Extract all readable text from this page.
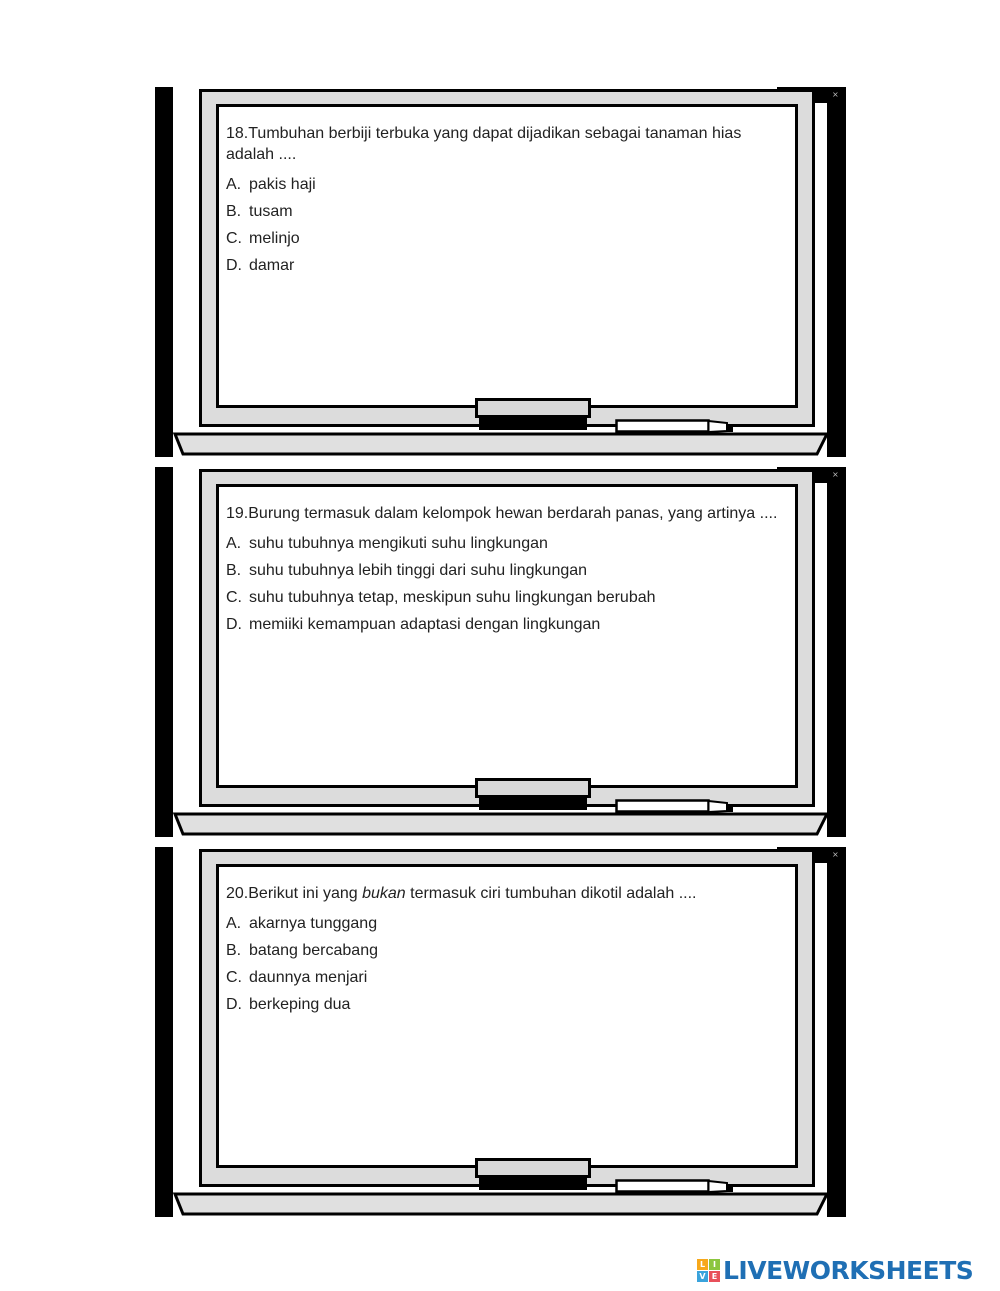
×
18.Tumbuhan berbiji terbuka yang dapat dijadikan sebagai tanaman hias adalah ....
A. pakis haji
B. tusam
C. melinjo
D. damar
×
19.Burung termasuk dalam kelompok hewan berdarah panas, yang artinya ....
A. suhu tubuhnya mengikuti suhu lingkungan
B. suhu tubuhnya lebih tinggi dari suhu lingkungan
C. suhu tubuhnya tetap, meskipun suhu lingkungan berubah
D. memiiki kemampuan adaptasi dengan lingkungan
×
20.Berikut ini yang bukan termasuk ciri tumbuhan dikotil adalah ....
A. akarnya tunggang
B. batang bercabang
C. daunnya menjari
D. berkeping dua
L I
V E LIVEWORKSHEETS
